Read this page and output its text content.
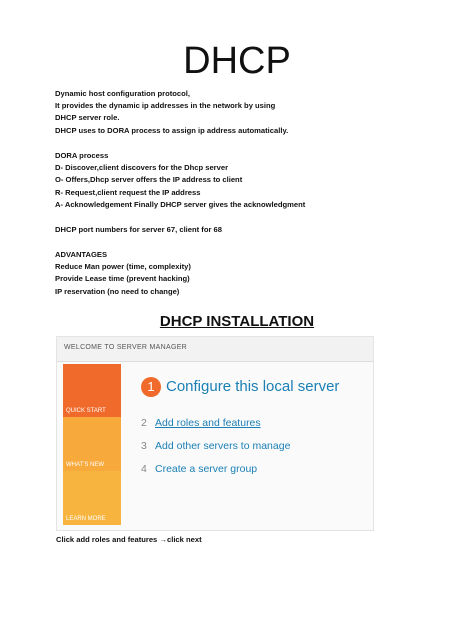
DHCP
Dynamic host configuration protocol,
It provides the dynamic ip addresses in the network by using
DHCP server role.
DHCP uses to DORA process to assign ip address automatically.
DORA process
D- Discover,client discovers for the Dhcp server
O- Offers,Dhcp server offers the IP address to client
R- Request,client request the IP address
A- Acknowledgement Finally DHCP server gives the acknowledgment
DHCP port numbers for server 67, client for 68
ADVANTAGES
Reduce Man power (time, complexity)
Provide Lease time (prevent hacking)
IP reservation (no need to change)
DHCP INSTALLATION
WELCOME TO SERVER MANAGER
QUICK START
WHAT'S NEW
LEARN MORE
1 Configure this local server
2 Add roles and features
3 Add other servers to manage
4 Create a server group
Click add roles and features →click next
